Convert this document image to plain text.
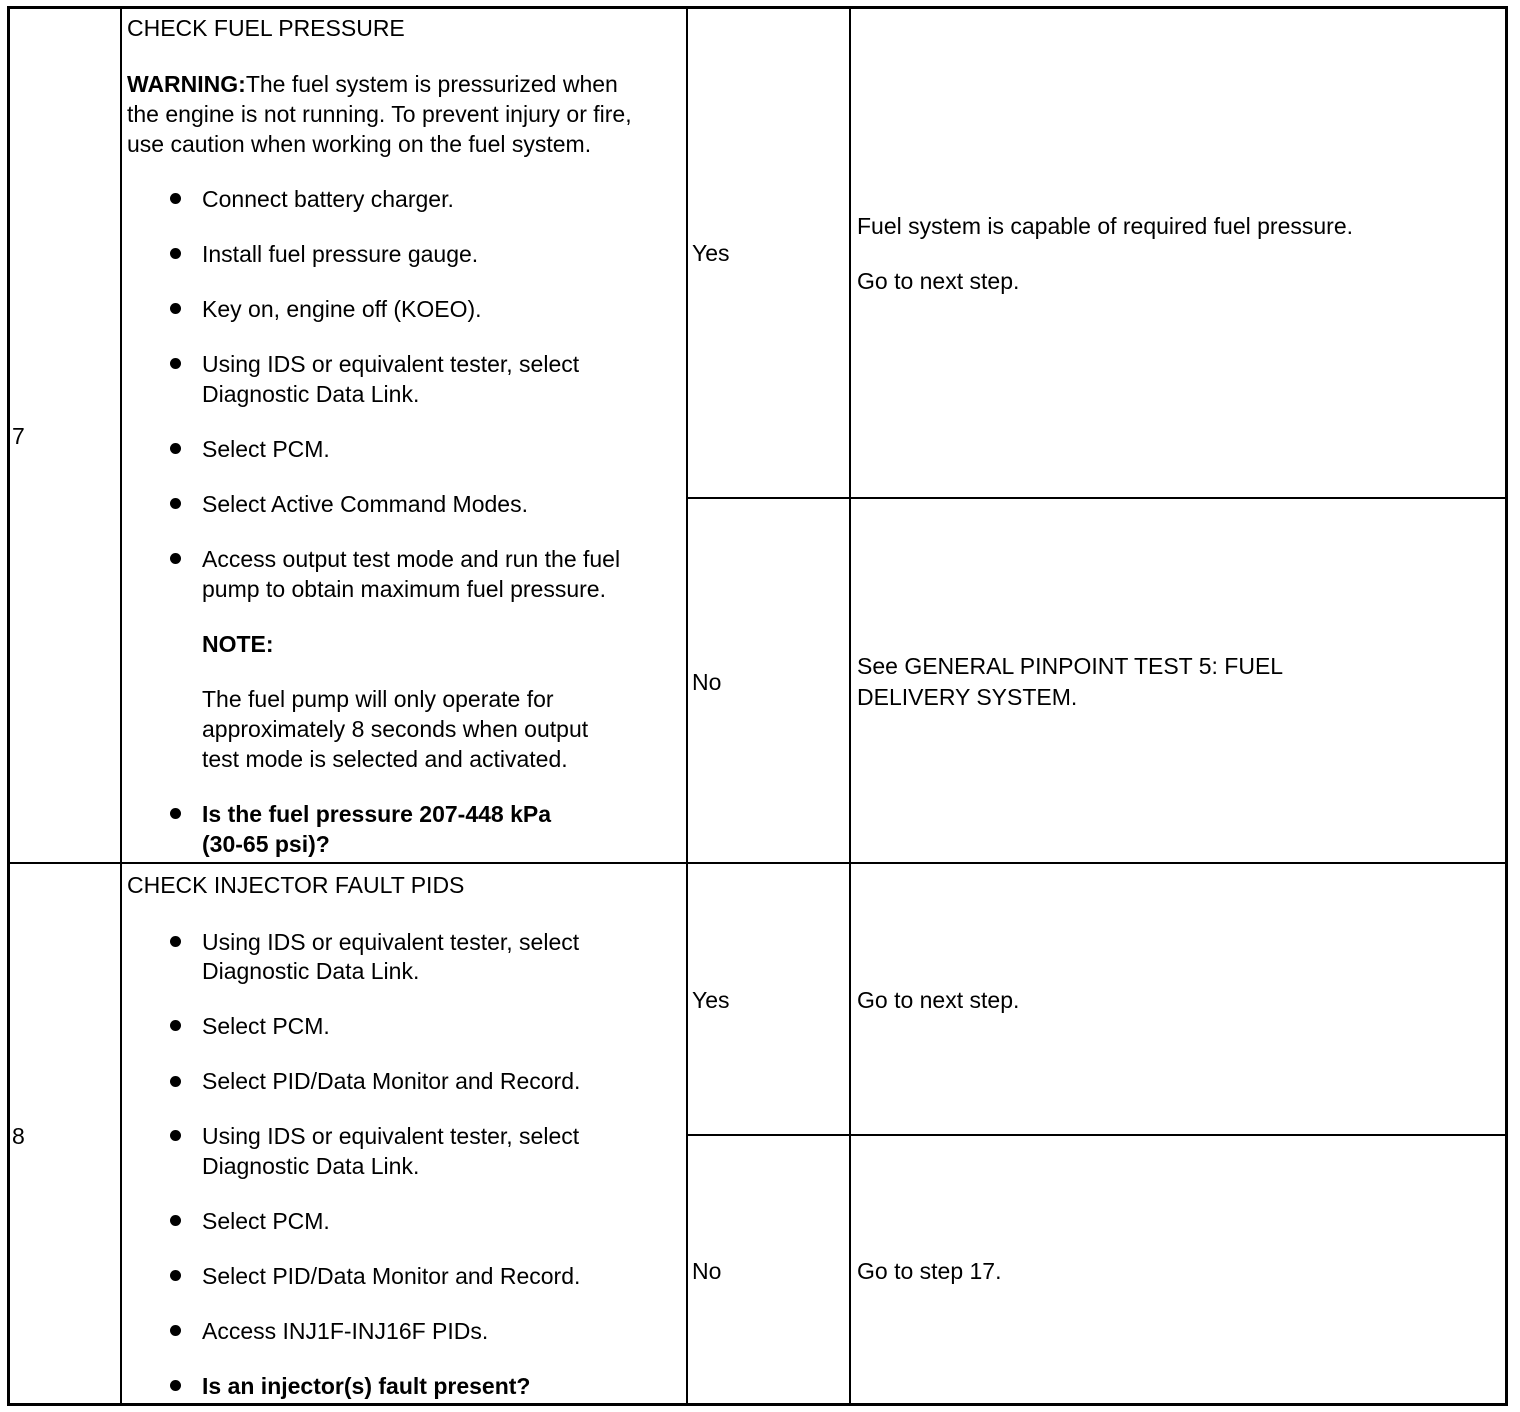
7
CHECK FUEL PRESSURE
WARNING:The fuel system is pressurized when
the engine is not running. To prevent injury or fire,
use caution when working on the fuel system.
Connect battery charger.
Install fuel pressure gauge.
Key on, engine off (KOEO).
Using IDS or equivalent tester, select
Diagnostic Data Link.
Select PCM.
Select Active Command Modes.
Access output test mode and run the fuel
pump to obtain maximum fuel pressure.
NOTE:
The fuel pump will only operate for
approximately 8 seconds when output
test mode is selected and activated.
Is the fuel pressure 207-448 kPa
(30-65 psi)?
Yes
Fuel system is capable of required fuel pressure.
Go to next step.
No
See GENERAL PINPOINT TEST 5: FUEL
DELIVERY SYSTEM.
8
CHECK INJECTOR FAULT PIDS
Using IDS or equivalent tester, select
Diagnostic Data Link.
Select PCM.
Select PID/Data Monitor and Record.
Using IDS or equivalent tester, select
Diagnostic Data Link.
Select PCM.
Select PID/Data Monitor and Record.
Access INJ1F-INJ16F PIDs.
Is an injector(s) fault present?
Yes	Go to next step.
No	Go to step 17.
